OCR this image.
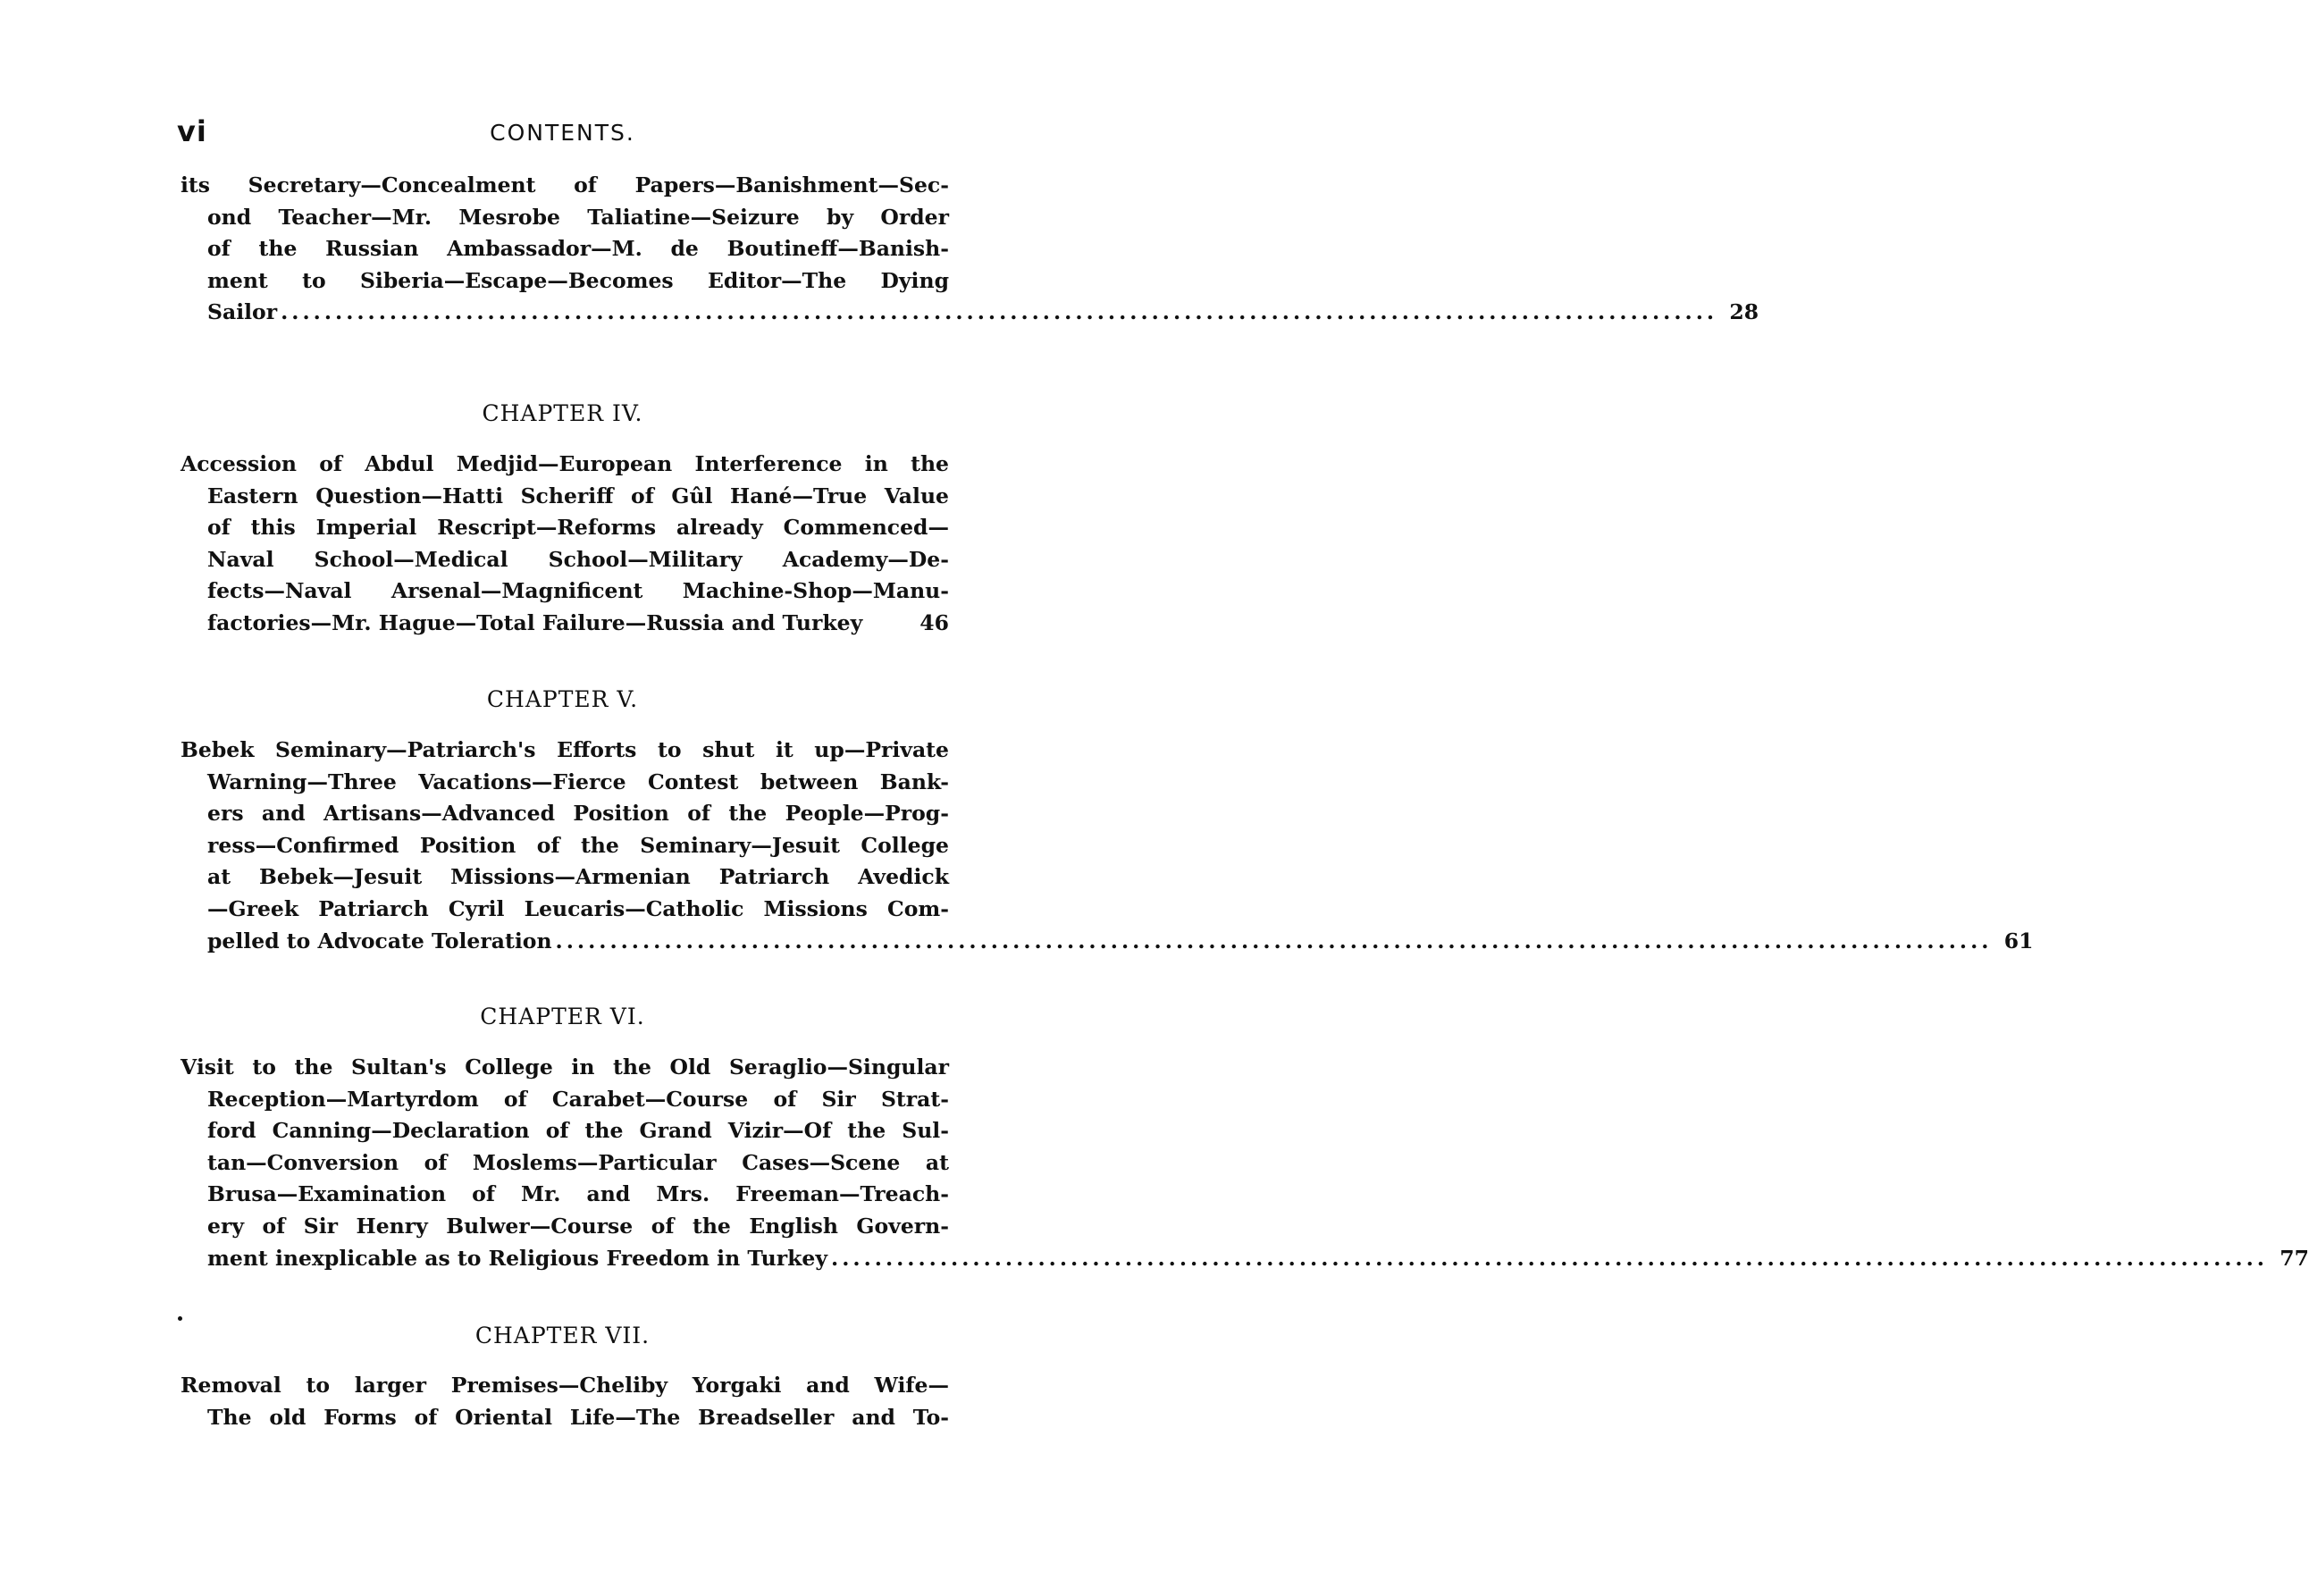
vi	CONTENTS.
its Secretary—Concealment of Papers—Banishment—Sec-
ond Teacher—Mr. Mesrobe Taliatine—Seizure by Order
of the Russian Ambassador—M. de Boutineff—Banish-
ment to Siberia—Escape—Becomes Editor—The Dying
Sailor .....	28
CHAPTER IV.
Accession of Abdul Medjid—European Interference in the
Eastern Question—Hatti Scheriff of Gûl Hané—True Value
of this Imperial Rescript—Reforms already Commenced—
Naval School—Medical School—Military Academy—De-
fects—Naval Arsenal—Magnificent Machine-Shop—Manu-
factories—Mr. Hague—Total Failure—Russia and Turkey	46
CHAPTER V.
Bebek Seminary—Patriarch's Efforts to shut it up—Private
Warning—Three Vacations—Fierce Contest between Bank-
ers and Artisans—Advanced Position of the People—Prog-
ress—Confirmed Position of the Seminary—Jesuit College
at Bebek—Jesuit Missions—Armenian Patriarch Avedick
—Greek Patriarch Cyril Leucaris—Catholic Missions Com-
pelled to Advocate Toleration .....	61
CHAPTER VI.
Visit to the Sultan's College in the Old Seraglio—Singular
Reception—Martyrdom of Carabet—Course of Sir Strat-
ford Canning—Declaration of the Grand Vizir—Of the Sul-
tan—Conversion of Moslems—Particular Cases—Scene at
Brusa—Examination of Mr. and Mrs. Freeman—Treach-
ery of Sir Henry Bulwer—Course of the English Govern-
ment inexplicable as to Religious Freedom in Turkey .....	77
CHAPTER VII.
Removal to larger Premises—Cheliby Yorgaki and Wife—
The old Forms of Oriental Life—The Breadseller and To-
